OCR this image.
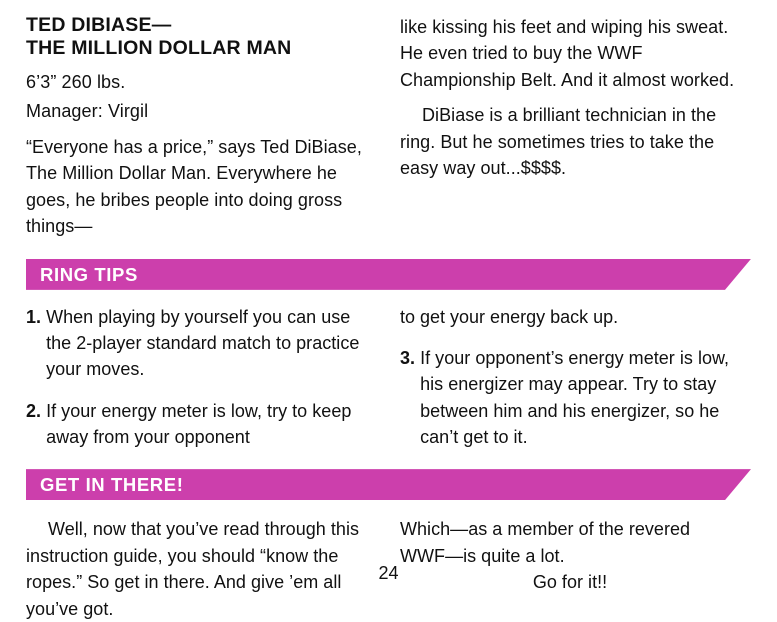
TED DIBIASE—
THE MILLION DOLLAR MAN

6’3” 260 lbs.

Manager: Virgil

“Everyone has a price,” says Ted DiBiase, The Million Dollar Man. Everywhere he goes, he bribes people into doing gross things—

like kissing his feet and wiping his sweat. He even tried to buy the WWF Championship Belt. And it almost worked.

DiBiase is a brilliant technician in the ring. But he sometimes tries to take the easy way out...$$$$.

RING TIPS
1. When playing by yourself you can use the 2-player standard match to practice your moves.
2. If your energy meter is low, try to keep away from your opponent

to get your energy back up.

3. If your opponent’s energy meter is low, his energizer may appear. Try to stay between him and his energizer, so he can’t get to it.
GET IN THERE!

Well, now that you’ve read through this instruction guide, you should “know the ropes.” So get in there. And give ’em all you’ve got.

Which—as a member of the revered WWF—is quite a lot.

Go for it!!

24
